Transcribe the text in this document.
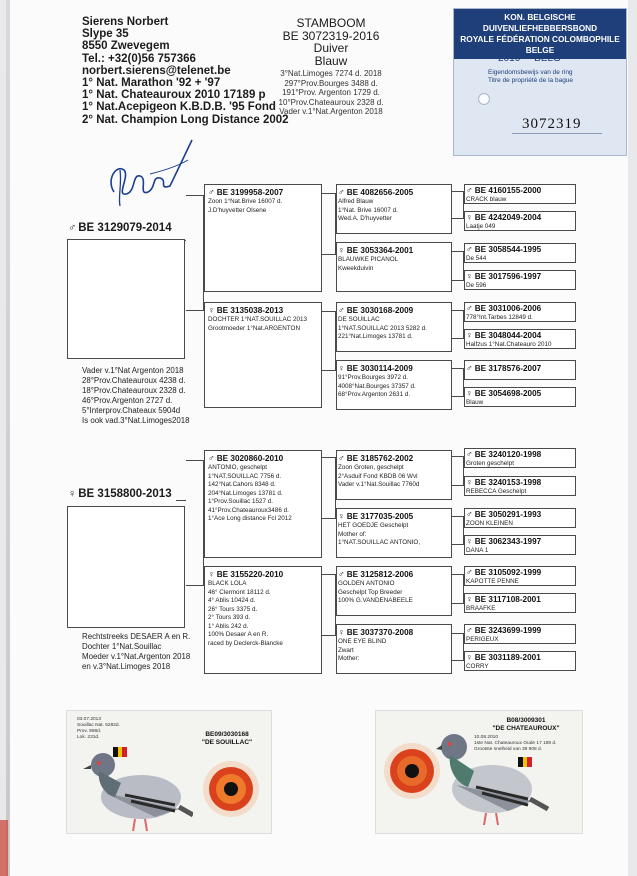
Sierens Norbert
Slype 35
8550 Zwevegem
Tel.: +32(0)56 757366
norbert.sierens@telenet.be
1° Nat. Marathon '92 + '97
1° Nat. Chateauroux 2010 17189 p
1° Nat.Acepigeon K.B.D.B. '95 Fond
2° Nat. Champion Long Distance 2002
STAMBOOM
BE 3072319-2016
Duiver
Blauw
3°Nat.Limoges 7274 d. 2018
297°Prov.Bourges 3488 d.
191°Prov. Argenton 1729 d.
10°Prov.Chateauroux 2328 d.
Vader v.1°Nat.Argenton 2018
KON. BELGISCHE DUIVENLIEFHEBBERSBOND
ROYALE FÉDÉRATION COLOMBOPHILE BELGE
2016 BELG
Eigendomsbewijs van de ring
Titre de propriété de la bague
3072319
♂ BE 3129079-2014
Vader v.1°Nat Argenton 2018
28°Prov.Chateauroux 4238 d.
18°Prov.Chateauroux 2328 d.
46°Prov.Argenton 2727 d.
5°Interprov.Chateaux 5904d
Is ook vad.3°Nat.Limoges2018
♀ BE 3158800-2013
Rechtstreeks DESAER A en R.
Dochter 1°Nat.Souillac
Moeder v.1°Nat.Argenton 2018
en v.3°Nat.Limoges 2018
♂ BE 3199958-2007
Zoon 1°Nat.Brive 16007 d.
J.D'huyvetter Olsene
♀ BE 3135038-2013
DOCHTER 1°NAT.SOUILLAC 2013
Grootmoeder 1°Nat.ARGENTON
♂ BE 3020860-2010
ANTONIO, geschelpt
1°NAT.SOUILLAC 7756 d.
142°Nat.Cahors 8348 d.
204°Nat.Limoges 13781 d.
1°Prov.Souillac 1527 d.
41°Prov.Chateauroux3486 d.
1°Ace Long distance Fcl 2012
♀ BE 3155220-2010
BLACK LOLA
46° Clermont 18112 d.
4° Ablis 10424 d.
26° Tours 3375 d.
2° Tours 393 d.
1° Ablis 242 d.
100% Desaer A en R.
raced by Declerck-Blancke
♂ BE 4082656-2005
Alfred Blauw
1°Nat. Brive 16007 d.
Wed.A. D'huyvetter
♀ BE 3053364-2001
BLAUWKE PICANOL
Kweekduivin
♂ BE 3030168-2009
DE SOUILLAC
1°NAT.SOUILLAC 2013 5282 d.
221°Nat.Limoges 13781 d.
♀ BE 3030114-2009
91°Prov.Bourges 3972 d.
4008°Nat.Bourges 37357 d.
68°Prov.Argenton 2631 d.
♂ BE 3185762-2002
Zoon Groten, geschelpt
2°Asduif Fond KBDB 06 Wvl
Vader v.1°Nat.Souillac 7760d
♀ BE 3177035-2005
HET GOEDJE Geschelpt
Mother of:
1°NAT.SOUILLAC ANTONIO,
♂ BE 3125812-2006
GOLDEN ANTONIO
Geschelpt Top Breeder
100% G.VANDENABEELE
♀ BE 3037370-2008
ONE EYE BLIND
Zwart
Mother:
♂ BE 4160155-2000
CRACK blauw
♀ BE 4242049-2004
Laatje 049
♂ BE 3058544-1995
De 544
♀ BE 3017596-1997
De 596
♂ BE 3031006-2006
778°Int.Tarbes 12849 d.
♀ BE 3048044-2004
Halfzus 1°Nat.Chateauro 2010
♂ BE 3178576-2007
♀ BE 3054698-2005
Blauw
♂ BE 3240120-1998
Groten geschelpt
♀ BE 3240153-1998
REBECCA Geschelpt
♂ BE 3050291-1993
ZOON KLEINEN
♀ BE 3062343-1997
DANA 1
♂ BE 3105092-1999
KAPOTTE PENNE
♀ BE 3117108-2001
BRAAFKE
♂ BE 3243699-1999
PERIGEUX
♀ BE 3031189-2001
CORRY
03.07.2013
Souillac Nat. 5282d.
Prov. 998d.
Lok. 231d.	BE09/3030168
"DE SOUILLAC"
B08/3009301
"DE CHATEAUROUX"
10.08.2010
1ste Nat. Chateauroux Oude 17 189 d.
Grootste snelheid van 39 908 d.
